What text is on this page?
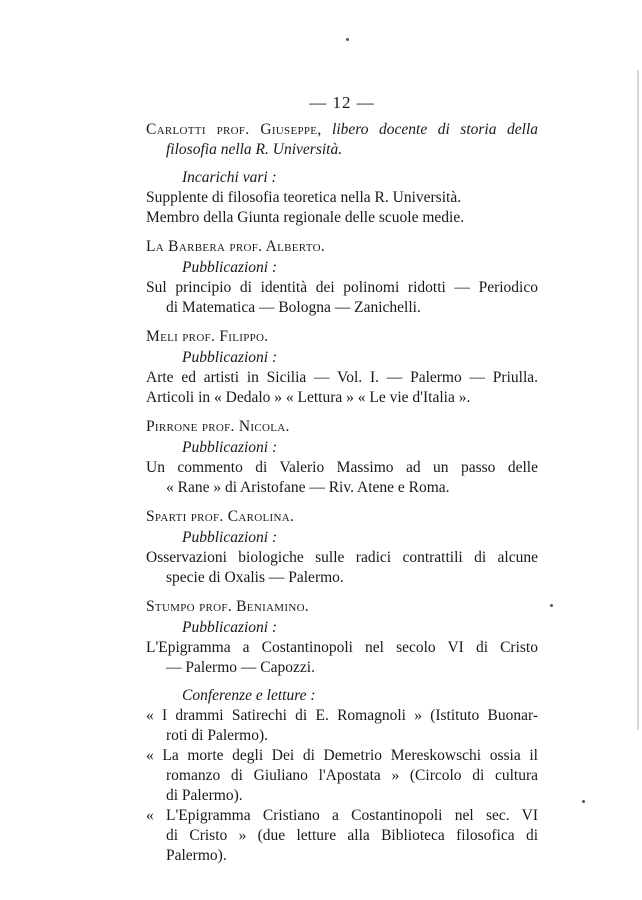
— 12 —
Carlotti prof. Giuseppe, libero docente di storia della
filosofia nella R. Università.
Incarichi vari :
Supplente di filosofia teoretica nella R. Università.
Membro della Giunta regionale delle scuole medie.
La Barbera prof. Alberto.
Pubblicazioni :
Sul principio di identità dei polinomi ridotti — Periodico
di Matematica — Bologna — Zanichelli.
Meli prof. Filippo.
Pubblicazioni :
Arte ed artisti in Sicilia — Vol. I. — Palermo — Priulla.
Articoli in « Dedalo » « Lettura » « Le vie d'Italia ».
Pirrone prof. Nicola.
Pubblicazioni :
Un commento di Valerio Massimo ad un passo delle
« Rane » di Aristofane — Riv. Atene e Roma.
Sparti prof. Carolina.
Pubblicazioni :
Osservazioni biologiche sulle radici contrattili di alcune
specie di Oxalis — Palermo.
Stumpo prof. Beniamino.
Pubblicazioni :
L'Epigramma a Costantinopoli nel secolo VI di Cristo
— Palermo — Capozzi.
Conferenze e letture :
« I drammi Satirechi di E. Romagnoli » (Istituto Buonar-
roti di Palermo).
« La morte degli Dei di Demetrio Mereskowschi ossia il
romanzo di Giuliano l'Apostata » (Circolo di cultura
di Palermo).
« L'Epigramma Cristiano a Costantinopoli nel sec. VI
di Cristo » (due letture alla Biblioteca filosofica di
Palermo).
